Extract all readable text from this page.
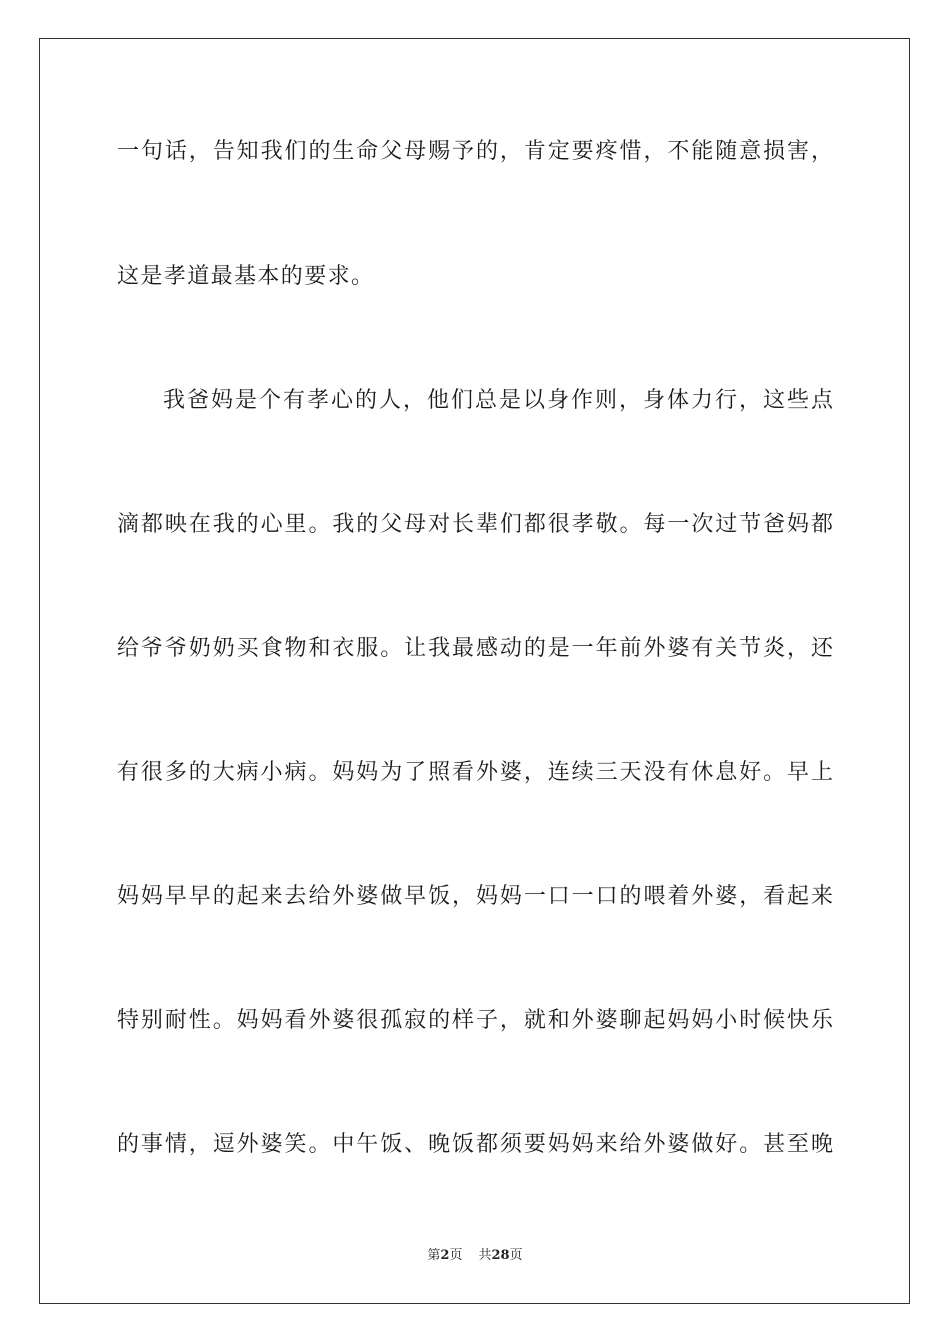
一句话，告知我们的生命父母赐予的，肯定要疼惜，不能随意损害，
这是孝道最基本的要求。
我爸妈是个有孝心的人，他们总是以身作则，身体力行，这些点
滴都映在我的心里。我的父母对长辈们都很孝敬。每一次过节爸妈都
给爷爷奶奶买食物和衣服。让我最感动的是一年前外婆有关节炎，还
有很多的大病小病。妈妈为了照看外婆，连续三天没有休息好。早上
妈妈早早的起来去给外婆做早饭，妈妈一口一口的喂着外婆，看起来
特别耐性。妈妈看外婆很孤寂的样子，就和外婆聊起妈妈小时候快乐
的事情，逗外婆笑。中午饭、晚饭都须要妈妈来给外婆做好。甚至晚
第2页 共28页
